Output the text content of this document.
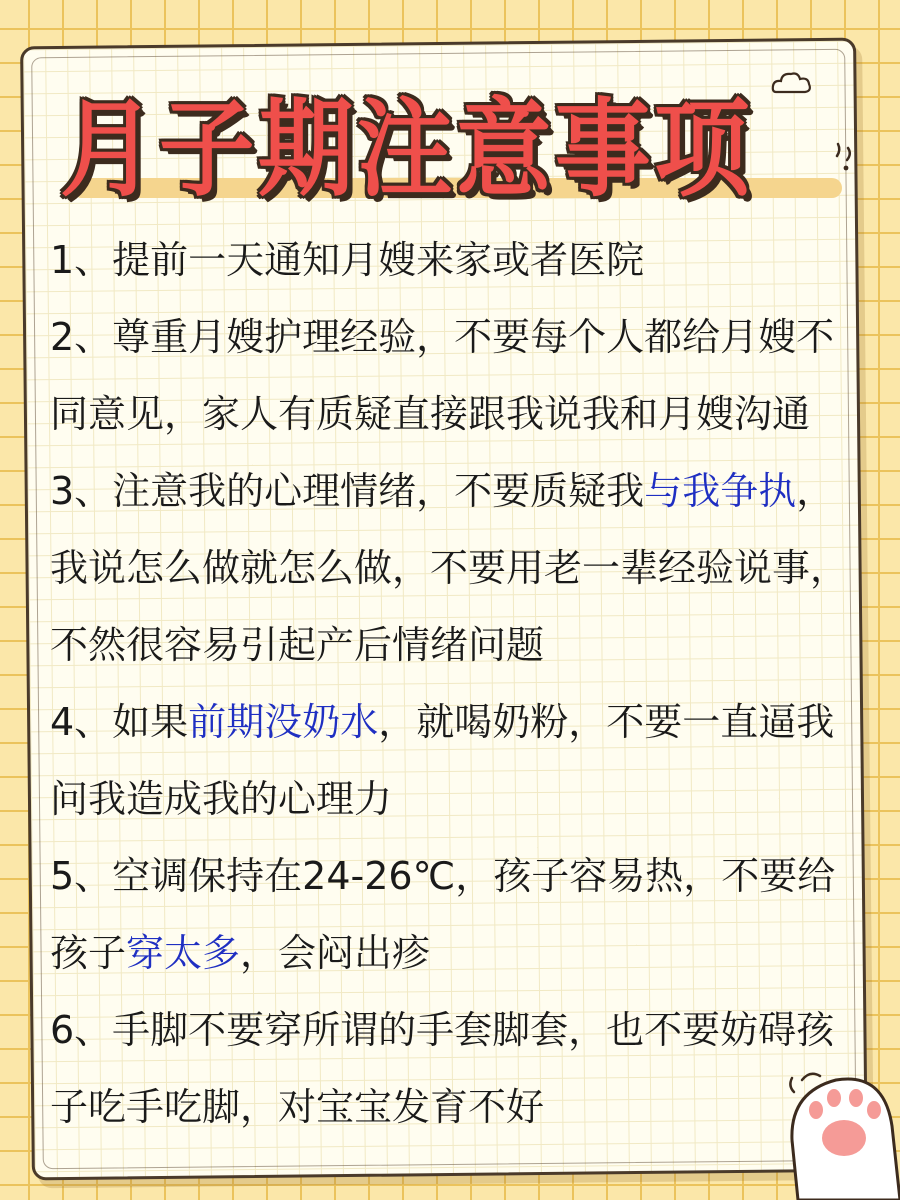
月子期注意事项

1、提前一天通知月嫂来家或者医院

2、尊重月嫂护理经验，不要每个人都给月嫂不同意见，家人有质疑直接跟我说我和月嫂沟通

3、注意我的心理情绪，不要质疑我与我争执，我说怎么做就怎么做，不要用老一辈经验说事，不然很容易引起产后情绪问题

4、如果前期没奶水，就喝奶粉，不要一直逼我问我造成我的心理力

5、空调保持在24-26℃，孩子容易热，不要给孩子穿太多，会闷出疹

6、手脚不要穿所谓的手套脚套，也不要妨碍孩子吃手吃脚，对宝宝发育不好
